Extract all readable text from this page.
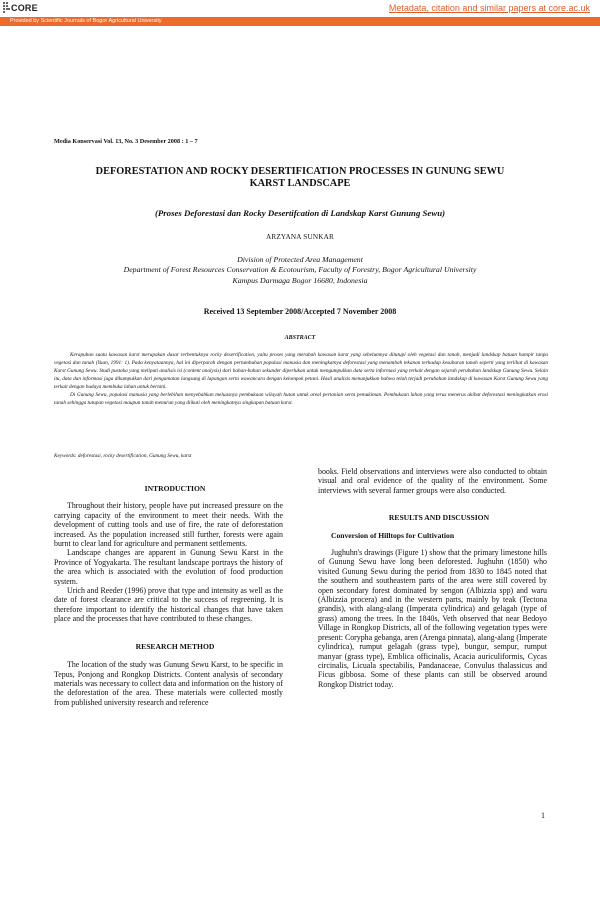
CORE	Metadata, citation and similar papers at core.ac.uk
Provided by Scientific Journals of Bogor Agricultural University
Media Konservasi Vol. 13, No. 3 Desember 2008 : 1 – 7
DEFORESTATION AND ROCKY DESERTIFICATION PROCESSES IN GUNUNG SEWU
KARST LANDSCAPE
(Proses Deforestasi dan Rocky Desertifcation di Landskap Karst Gunung Sewu)
ARZYANA SUNKAR
Division of Protected Area Management
Department of Forest Resources Conservation & Ecotourism, Faculty of Forestry, Bogor Agricultural University
Kampus Darmaga Bogor 16680, Indonesia
Received 13 September 2008/Accepted 7 November 2008
ABSTRACT

Kerapuhan suatu kawasan karst merupakan dasar terbentuknya rocky desertification, yaitu proses yang merubah kawasan karst yang sebelumnya ditutupi oleh vegetasi dan tanah, menjadi landskap batuan hampir tanpa vegetasi dan tanah (Yuan, 1991: 1). Pada kenyataannya, hal ini diperparah dengan pertumbuhan populasi manusia dan meningkatnya deforestasi yang menambah tekanan terhadap kesuburan tanah seperti yang terlihat di kawasan Karst Gunung Sewu. Studi pustaka yang meliputi analisis isi (content analysis) dari bahan-bahan sekunder diperlukan untuk mengumpulkan data serta informasi yang terkait dengan sejarah perubahan landskap Gunung Sewu. Selain itu, data dan informasi juga dikumpulkan dari pengamatan langsung di lapangan serta wawancara dengan kelompok petani. Hasil analisis menunjukkan bahwa telah terjadi perubahan landskap di kawasan Karst Gunung Sewu yang terkait dengan budaya membuka lahan untuk bertani.

Di Gunung Sewu, populasi manusia yang berlebihan menyebabkan meluasnya pembukaan wilayah hutan untuk areal pertanian serta pemukiman. Pembukaan lahan yang terus menerus akibat deforestasi meningkatkan erosi tanah sehingga tutupan vegetasi maupun tanah menurun yang diikuti oleh meningkatnya singkapan batuan karst.

Keywords: deforestasi, rocky desertification, Gunung Sewu, karst

INTRODUCTION

Throughout their history, people have put increased pressure on the carrying capacity of the environment to meet their needs. With the development of cutting tools and use of fire, the rate of deforestation increased. As the population increased still further, forests were again burnt to clear land for agriculture and permanent settlements.

Landscape changes are apparent in Gunung Sewu Karst in the Province of Yogyakarta. The resultant landscape portrays the history of the area which is associated with the evolution of food production system.

Urich and Reeder (1996) prove that type and intensity as well as the date of forest clearance are critical to the success of regreening. It is therefore important to identify the historical changes that have taken place and the processes that have contributed to these changes.

RESEARCH METHOD

The location of the study was Gunung Sewu Karst, to be specific in Tepus, Ponjong and Rongkop Districts. Content analysis of secondary materials was necessary to collect data and information on the history of the deforestation of the area. These materials were collected mostly from published university research and reference

books. Field observations and interviews were also conducted to obtain visual and oral evidence of the quality of the environment. Some interviews with several farmer groups were also conducted.

RESULTS AND DISCUSSION

Conversion of Hilltops for Cultivation

Jughuhn's drawings (Figure 1) show that the primary limestone hills of Gunung Sewu have long been deforested. Jughuhn (1850) who visited Gunung Sewu during the period from 1830 to 1845 noted that the southern and southeastern parts of the area were still covered by open secondary forest dominated by sengon (Albizzia spp) and waru (Albizzia procera) and in the western parts, mainly by teak (Tectona grandis), with alang-alang (Imperata cylindrica) and gelagah (type of grass) among the trees. In the 1840s, Veth observed that near Bedoyo Village in Rongkop Districts, all of the following vegetation types were present: Corypha gebanga, aren (Arenga pinnata), alang-alang (Imperate cylindrica), rumput gelagah (grass type), bungur, sempur, rumput manyar (grass type), Emblica officinalis, Acacia auriculiformis, Cycas circinalis, Licuala spectabilis, Pandanaceae, Convulus thalassicus and Ficus gibbosa. Some of these plants can still be observed around Rongkop District today.

1
